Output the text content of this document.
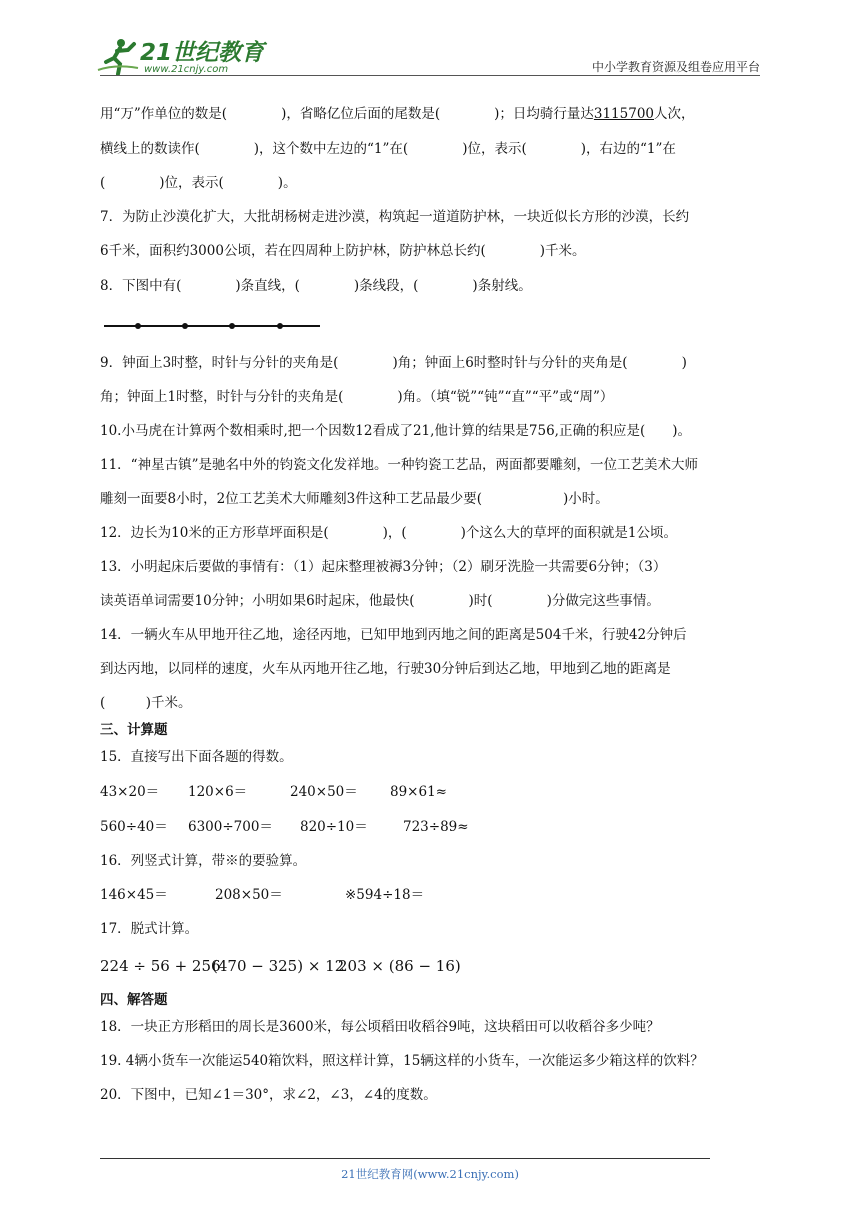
21世纪教育
www.21cnjy.com	中小学教育资源及组卷应用平台
用“万”作单位的数是(　　　　)，省略亿位后面的尾数是(　　　　)；日均骑行量达3115700人次，
横线上的数读作(　　　　)，这个数中左边的“1”在(　　　　)位，表示(　　　　)，右边的“1”在
(　　　　)位，表示(　　　　)。
7．为防止沙漠化扩大，大批胡杨树走进沙漠，构筑起一道道防护林，一块近似长方形的沙漠，长约
6千米，面积约3000公顷，若在四周种上防护林，防护林总长约(　　　　)千米。
8．下图中有(　　　　)条直线，(　　　　)条线段，(　　　　)条射线。
9．钟面上3时整，时针与分针的夹角是(　　　　)角；钟面上6时整时针与分针的夹角是(　　　　)
角；钟面上1时整，时针与分针的夹角是(　　　　)角。（填“锐”“钝”“直”“平”或“周”）
10.小马虎在计算两个数相乘时,把一个因数12看成了21,他计算的结果是756,正确的积应是(　　)。
11．“神星古镇”是驰名中外的钧瓷文化发祥地。一种钧瓷工艺品，两面都要雕刻，一位工艺美术大师
雕刻一面要8小时，2位工艺美术大师雕刻3件这种工艺品最少要(　　　　　　)小时。
12．边长为10米的正方形草坪面积是(　　　　)，(　　　　)个这么大的草坪的面积就是1公顷。
13．小明起床后要做的事情有：（1）起床整理被褥3分钟；（2）刷牙洗脸一共需要6分钟；（3）
读英语单词需要10分钟；小明如果6时起床，他最快(　　　　)时(　　　　)分做完这些事情。
14．一辆火车从甲地开往乙地，途径丙地，已知甲地到丙地之间的距离是504千米，行驶42分钟后
到达丙地，以同样的速度，火车从丙地开往乙地，行驶30分钟后到达乙地，甲地到乙地的距离是
(　　　)千米。
三、计算题
15．直接写出下面各题的得数。
43×20＝ 120×6＝	240×50＝ 89×61≈
560÷40＝ 6300÷700＝ 820÷10＝	723÷89≈
16．列竖式计算，带※的要验算。
146×45＝	208×50＝	※594÷18＝
17．脱式计算。
224 ÷ 56 + 256
(470 − 325) × 12
203 × (86 − 16)
四、解答题
18．一块正方形稻田的周长是3600米，每公顷稻田收稻谷9吨，这块稻田可以收稻谷多少吨？
19. 4辆小货车一次能运540箱饮料，照这样计算，15辆这样的小货车，一次能运多少箱这样的饮料？
20．下图中，已知∠1＝30°，求∠2，∠3，∠4的度数。
21世纪教育网(www.21cnjy.com)
